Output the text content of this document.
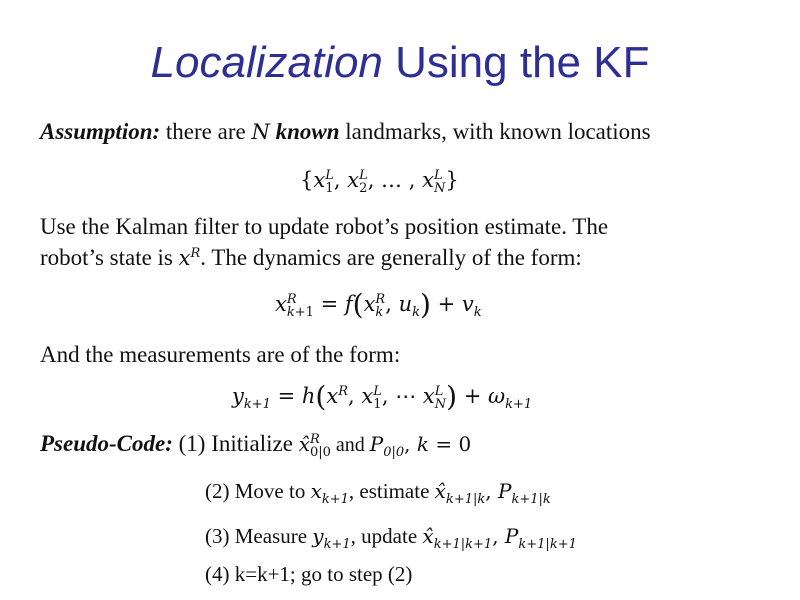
Localization Using the KF
Assumption: there are N known landmarks, with known locations
{x L
1 , x L
2 , … , x L
N }
Use the Kalman filter to update robot’s position estimate. The
robot’s state is $x^R$. The dynamics are generally of the form:
x R
k+1 = f(x R
k , $u_k) + v_k$
And the measurements are of the form:
$y_{k+1} = h(x^R$, x L
1 , ⋯ x L
N ) + $\omega_{k+1}$
Pseudo-Code: (1) Initialize x̂ R
0|0 and $P_{0|0}$, k = 0
(2) Move to $x_{k+1}$, estimate $x̂_{k+1|k}$, $P_{k+1|k}$
(3) Measure $y_{k+1}$, update $x̂_{k+1|k+1}$, $P_{k+1|k+1}$
(4) k=k+1; go to step (2)
